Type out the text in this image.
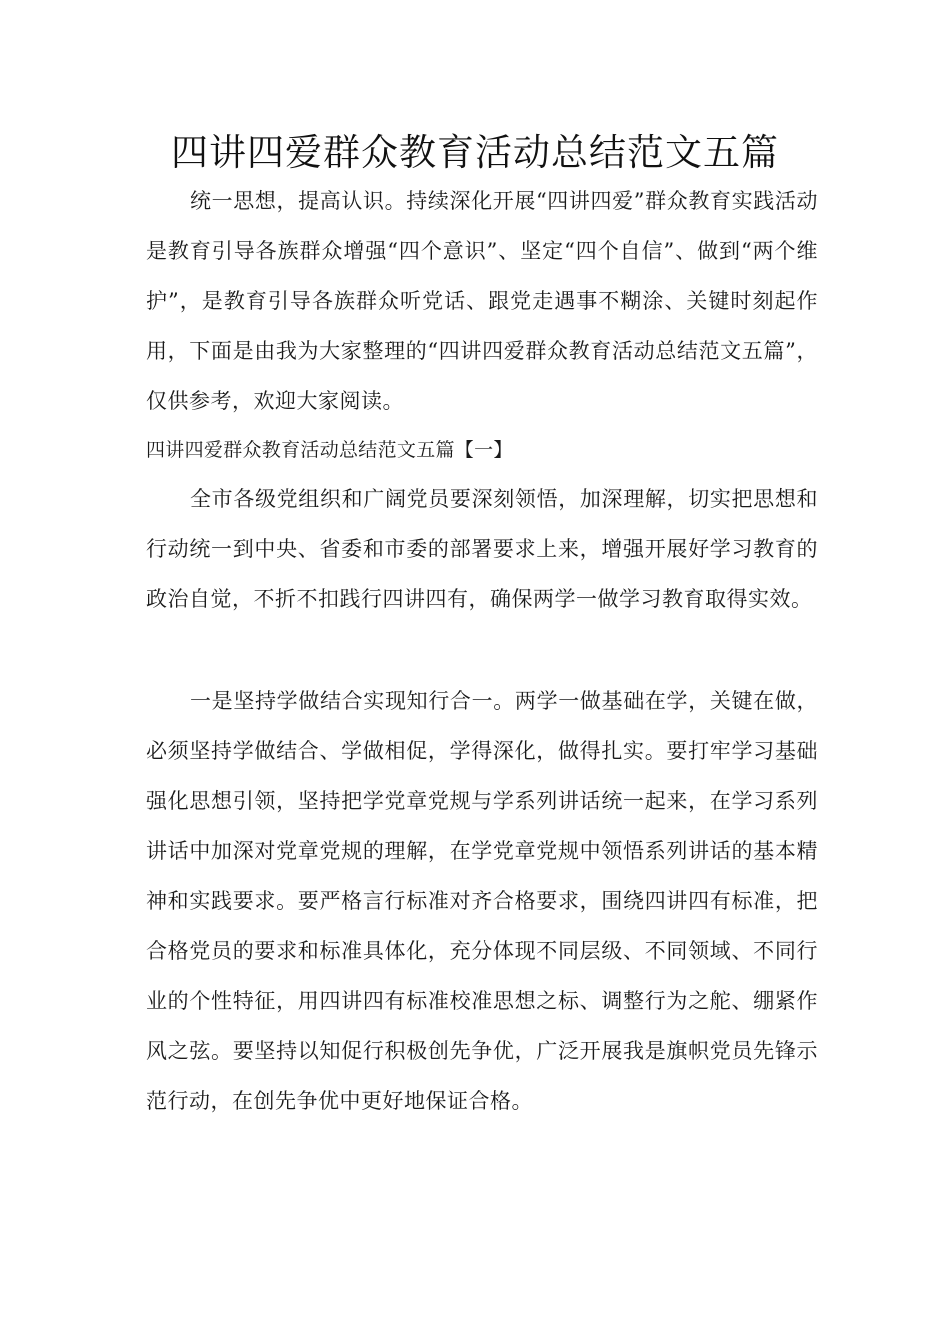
四讲四爱群众教育活动总结范文五篇

统一思想，提高认识。持续深化开展“四讲四爱”群众教育实践活动是教育引导各族群众增强“四个意识”、坚定“四个自信”、做到“两个维护”，是教育引导各族群众听党话、跟党走遇事不糊涂、关键时刻起作用，下面是由我为大家整理的“四讲四爱群众教育活动总结范文五篇”，仅供参考，欢迎大家阅读。

四讲四爱群众教育活动总结范文五篇【一】

全市各级党组织和广阔党员要深刻领悟，加深理解，切实把思想和行动统一到中央、省委和市委的部署要求上来，增强开展好学习教育的政治自觉，不折不扣践行四讲四有，确保两学一做学习教育取得实效。

一是坚持学做结合实现知行合一。两学一做基础在学，关键在做，必须坚持学做结合、学做相促，学得深化，做得扎实。要打牢学习基础强化思想引领，坚持把学党章党规与学系列讲话统一起来，在学习系列讲话中加深对党章党规的理解，在学党章党规中领悟系列讲话的基本精神和实践要求。要严格言行标准对齐合格要求，围绕四讲四有标准，把合格党员的要求和标准具体化，充分体现不同层级、不同领域、不同行业的个性特征，用四讲四有标准校准思想之标、调整行为之舵、绷紧作风之弦。要坚持以知促行积极创先争优，广泛开展我是旗帜党员先锋示范行动，在创先争优中更好地保证合格。
